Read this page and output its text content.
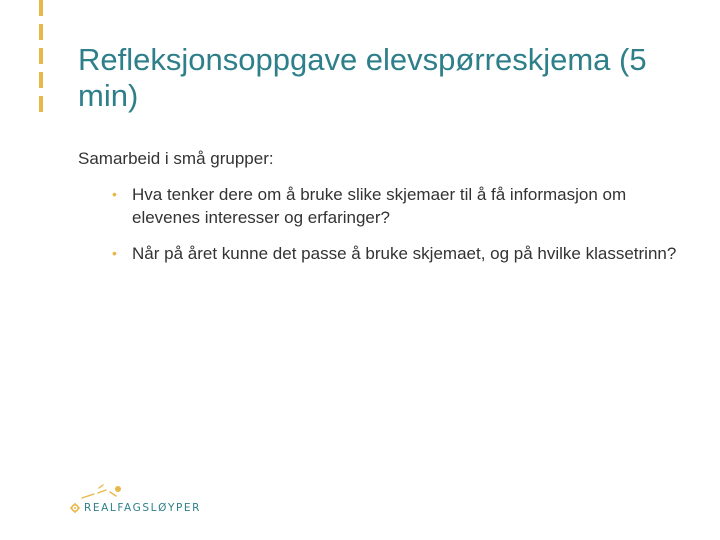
Refleksjonsoppgave elevspørreskjema (5 min)

Samarbeid i små grupper:

• Hva tenker dere om å bruke slike skjemaer til å få informasjon om elevenes interesser og erfaringer?
• Når på året kunne det passe å bruke skjemaet, og på hvilke klassetrinn?
REALFAGSLØYPER
